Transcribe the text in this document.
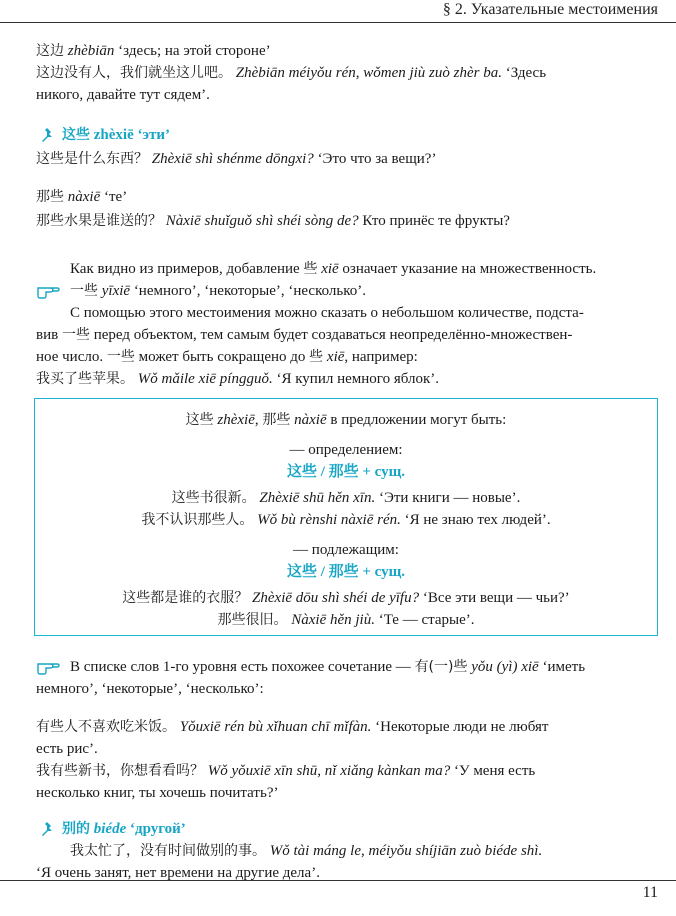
§ 2. Указательные местоимения
这边 zhèbiān ‘здесь; на этой стороне’
这边没有人，我们就坐这儿吧。 Zhèbiān méiyǒu rén, wǒmen jiù zuò zhèr ba. ‘Здесь
никого, давайте тут сядем’.
这些 zhèxiē ‘эти’
这些是什么东西？ Zhèxiē shì shénme dōngxi? ‘Это что за вещи?’
那些 nàxiē ‘те’
那些水果是谁送的？ Nàxiē shuǐguǒ shì shéi sòng de? Кто принёс те фрукты?
Как видно из примеров, добавление 些 xiē означает указание на множественность.
一些 yīxiē ‘немного’, ‘некоторые’, ‘несколько’.
С помощью этого местоимения можно сказать о небольшом количестве, подста-
вив 一些 перед объектом, тем самым будет создаваться неопределённо-множествен-
ное число. 一些 может быть сокращено до 些 xiē, например:
我买了些苹果。 Wǒ mǎile xiē píngguǒ. ‘Я купил немного яблок’.
这些 zhèxiē, 那些 nàxiē в предложении могут быть:
— определением:
这些 / 那些 + сущ.
这些书很新。 Zhèxiē shū hěn xīn. ‘Эти книги — новые’.
我不认识那些人。 Wǒ bù rènshi nàxiē rén. ‘Я не знаю тех людей’.
— подлежащим:
这些 / 那些 + сущ.
这些都是谁的衣服？ Zhèxiē dōu shì shéi de yīfu? ‘Все эти вещи — чьи?’
那些很旧。 Nàxiē hěn jiù. ‘Те — старые’.
В списке слов 1-го уровня есть похожее сочетание — 有(一)些 yǒu (yì) xiē ‘иметь
немного’, ‘некоторые’, ‘несколько’:
有些人不喜欢吃米饭。 Yǒuxiē rén bù xǐhuan chī mǐfàn. ‘Некоторые люди не любят
есть рис’.
我有些新书，你想看看吗？ Wǒ yǒuxiē xīn shū, nǐ xiǎng kànkan ma? ‘У меня есть
несколько книг, ты хочешь почитать?’
别的 biéde ‘другой’
我太忙了，没有时间做别的事。 Wǒ tài máng le, méiyǒu shíjiān zuò biéde shì.
‘Я очень занят, нет времени на другие дела’.
11
